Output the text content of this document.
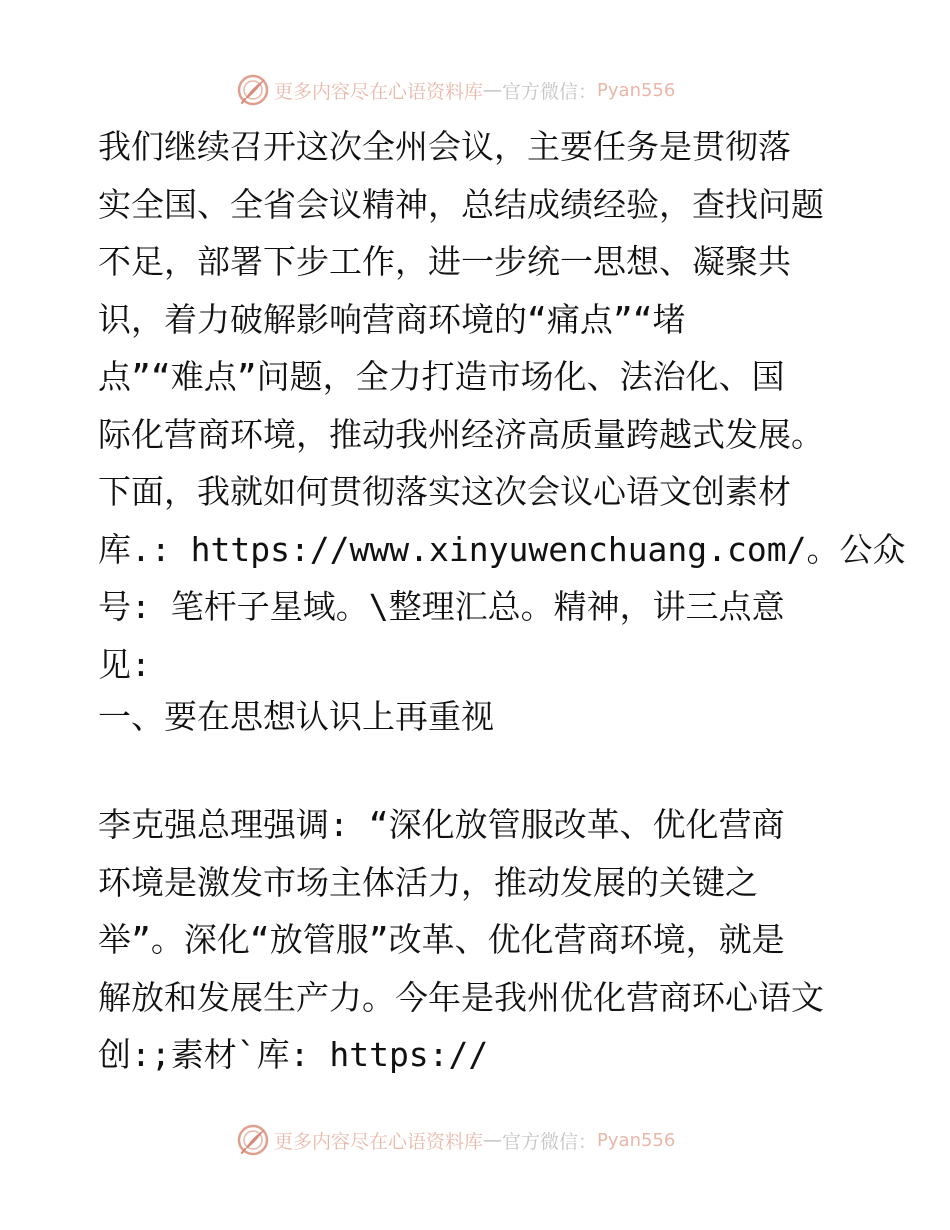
更多内容尽在心语资料库 — 官方微信： Pyan556
我们继续召开这次全州会议，主要任务是贯彻落
实全国、全省会议精神，总结成绩经验，查找问题
不足，部署下步工作，进一步统一思想、凝聚共
识，着力破解影响营商环境的“痛点”“堵
点”“难点”问题，全力打造市场化、法治化、国
际化营商环境，推动我州经济高质量跨越式发展。
下面，我就如何贯彻落实这次会议心语文创素材
库.: https://www.xinyuwenchuang.com/。公众
号: 笔杆子星域。\整理汇总。精神，讲三点意
见:
一、要在思想认识上再重视
李克强总理强调: “深化放管服改革、优化营商
环境是激发市场主体活力，推动发展的关键之
举”。深化“放管服”改革、优化营商环境，就是
解放和发展生产力。今年是我州优化营商环心语文
创:;素材`库: https://
更多内容尽在心语资料库 — 官方微信： Pyan556
